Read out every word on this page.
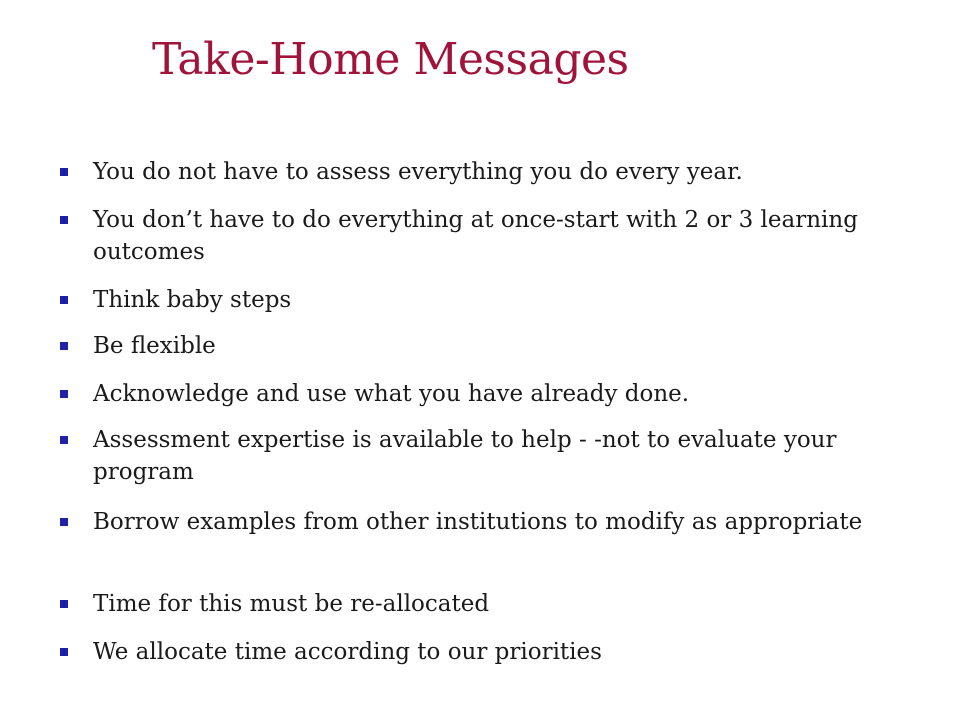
Take-Home Messages
You do not have to assess everything you do every year.
You don’t have to do everything at once-start with 2 or 3 learning outcomes
Think baby steps
Be flexible
Acknowledge and use what you have already done.
Assessment expertise is available to help - -not to evaluate your program
Borrow examples from other institutions to modify as appropriate
Time for this must be re-allocated
We allocate time according to our priorities
